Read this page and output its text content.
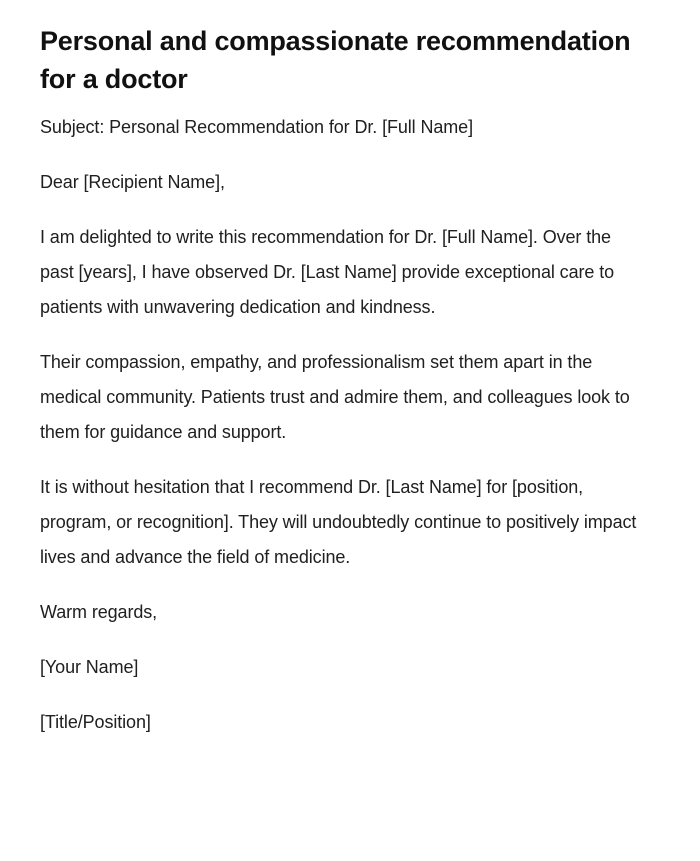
Personal and compassionate recommendation for a doctor

Subject: Personal Recommendation for Dr. [Full Name]

Dear [Recipient Name],

I am delighted to write this recommendation for Dr. [Full Name]. Over the past [years], I have observed Dr. [Last Name] provide exceptional care to patients with unwavering dedication and kindness.

Their compassion, empathy, and professionalism set them apart in the medical community. Patients trust and admire them, and colleagues look to them for guidance and support.

It is without hesitation that I recommend Dr. [Last Name] for [position, program, or recognition]. They will undoubtedly continue to positively impact lives and advance the field of medicine.

Warm regards,

[Your Name]

[Title/Position]
